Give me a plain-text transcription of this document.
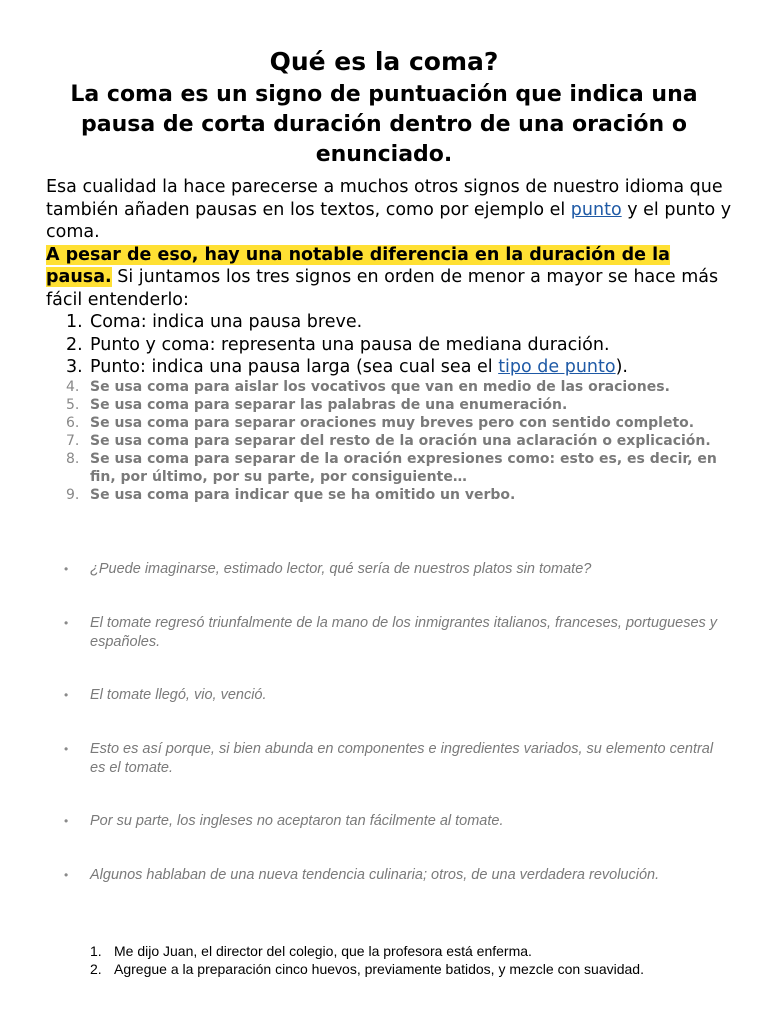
Qué es la coma?
La coma es un signo de puntuación que indica una pausa de corta duración dentro de una oración o enunciado.

Esa cualidad la hace parecerse a muchos otros signos de nuestro idioma que también añaden pausas en los textos, como por ejemplo el punto y el punto y coma.

A pesar de eso, hay una notable diferencia en la duración de la pausa. Si juntamos los tres signos en orden de menor a mayor se hace más fácil entenderlo:

1. Coma: indica una pausa breve.
2. Punto y coma: representa una pausa de mediana duración.
3. Punto: indica una pausa larga (sea cual sea el tipo de punto).
4. Se usa coma para aislar los vocativos que van en medio de las oraciones.
5. Se usa coma para separar las palabras de una enumeración.
6. Se usa coma para separar oraciones muy breves pero con sentido completo.
7. Se usa coma para separar del resto de la oración una aclaración o explicación.
8. Se usa coma para separar de la oración expresiones como: esto es, es decir, en fin, por último, por su parte, por consiguiente…
9. Se usa coma para indicar que se ha omitido un verbo.
• ¿Puede imaginarse, estimado lector, qué sería de nuestros platos sin tomate?
• El tomate regresó triunfalmente de la mano de los inmigrantes italianos, franceses, portugueses y españoles.
• El tomate llegó, vio, venció.
• Esto es así porque, si bien abunda en componentes e ingredientes variados, su elemento central es el tomate.
• Por su parte, los ingleses no aceptaron tan fácilmente al tomate.
• Algunos hablaban de una nueva tendencia culinaria; otros, de una verdadera revolución.
1. Me dijo Juan, el director del colegio, que la profesora está enferma.
2. Agregue a la preparación cinco huevos, previamente batidos, y mezcle con suavidad.
